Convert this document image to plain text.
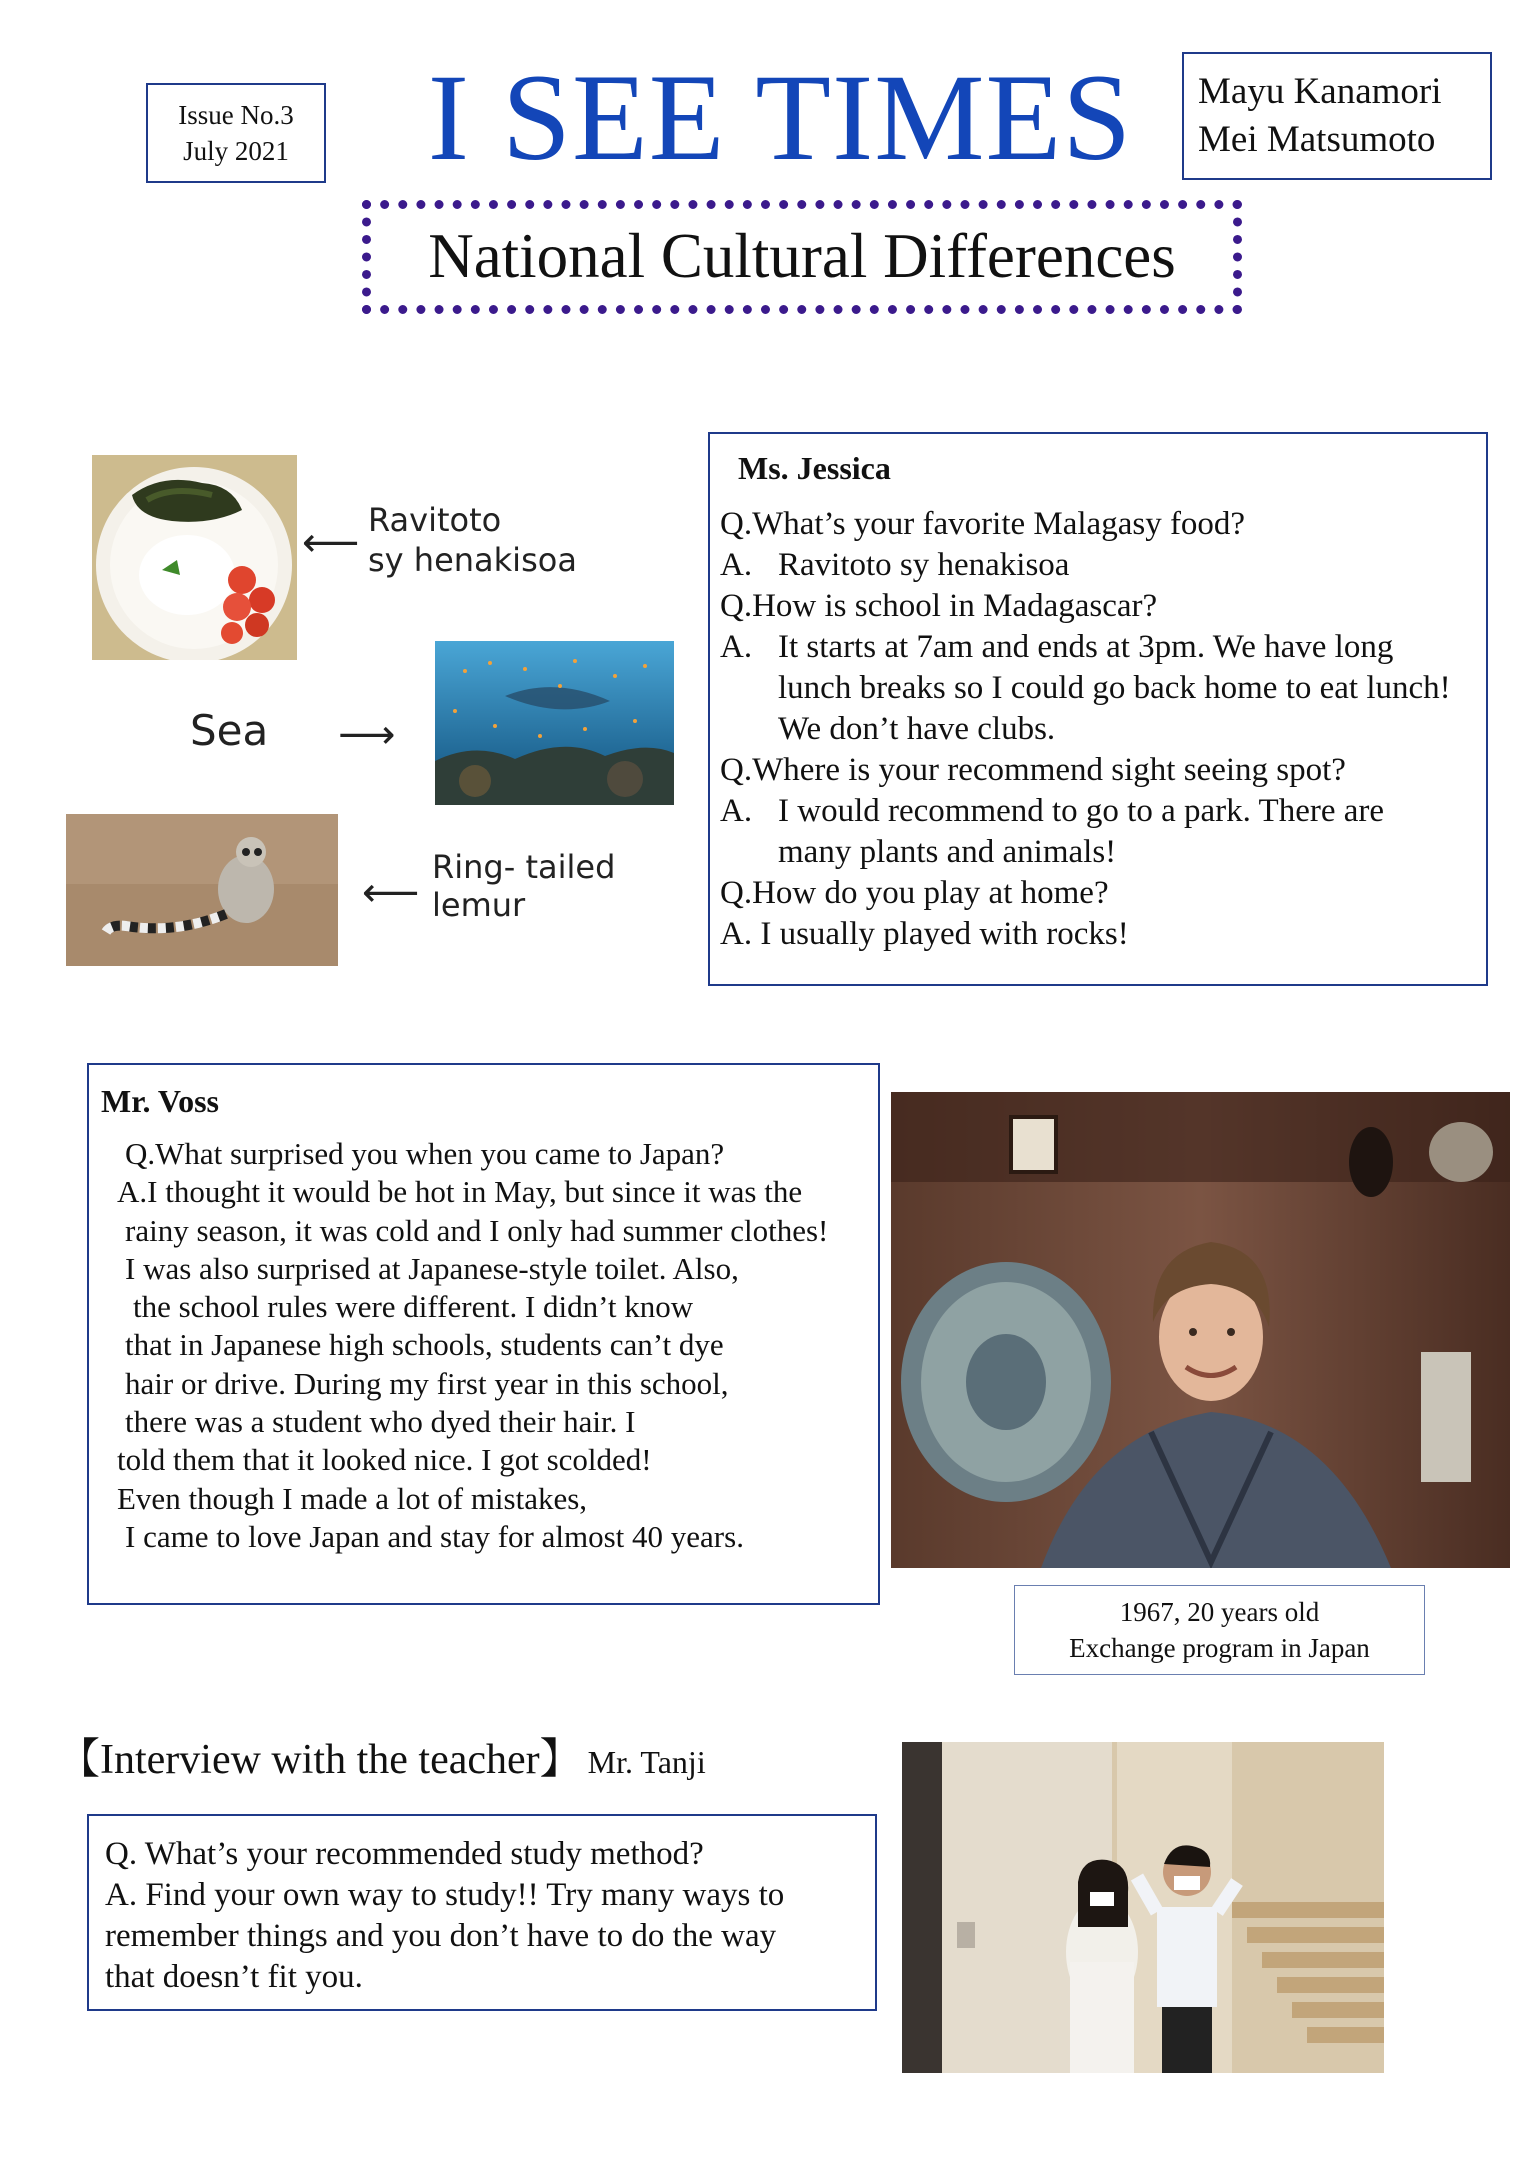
Issue No.3
July 2021	I SEE TIMES	Mayu Kanamori
Mei Matsumoto
National Cultural Differences
⟵ Ravitoto
sy henakisoa
Sea ⟶
⟵
Ring- tailed
lemur
Ms. Jessica
Q.What’s your favorite Malagasy food?
A. Ravitoto sy henakisoa
Q.How is school in Madagascar?
A. It starts at 7am and ends at 3pm. We have long lunch breaks so I could go back home to eat lunch! We don’t have clubs.
Q.Where is your recommend sight seeing spot?
A. I would recommend to go to a park. There are many plants and animals!
Q.How do you play at home?
A. I usually played with rocks!
Mr. Voss
Q.What surprised you when you came to Japan?
A.I thought it would be hot in May, but since it was the
rainy season, it was cold and I only had summer clothes!
I was also surprised at Japanese-style toilet. Also,
the school rules were different. I didn’t know
that in Japanese high schools, students can’t dye
hair or drive. During my first year in this school,
there was a student who dyed their hair. I
told them that it looked nice. I got scolded!
Even though I made a lot of mistakes,
I came to love Japan and stay for almost 40 years.
1967, 20 years old
Exchange program in Japan
【Interview with the teacher】 Mr. Tanji
Q. What’s your recommended study method?
A. Find your own way to study!! Try many ways to
remember things and you don’t have to do the way
that doesn’t fit you.
